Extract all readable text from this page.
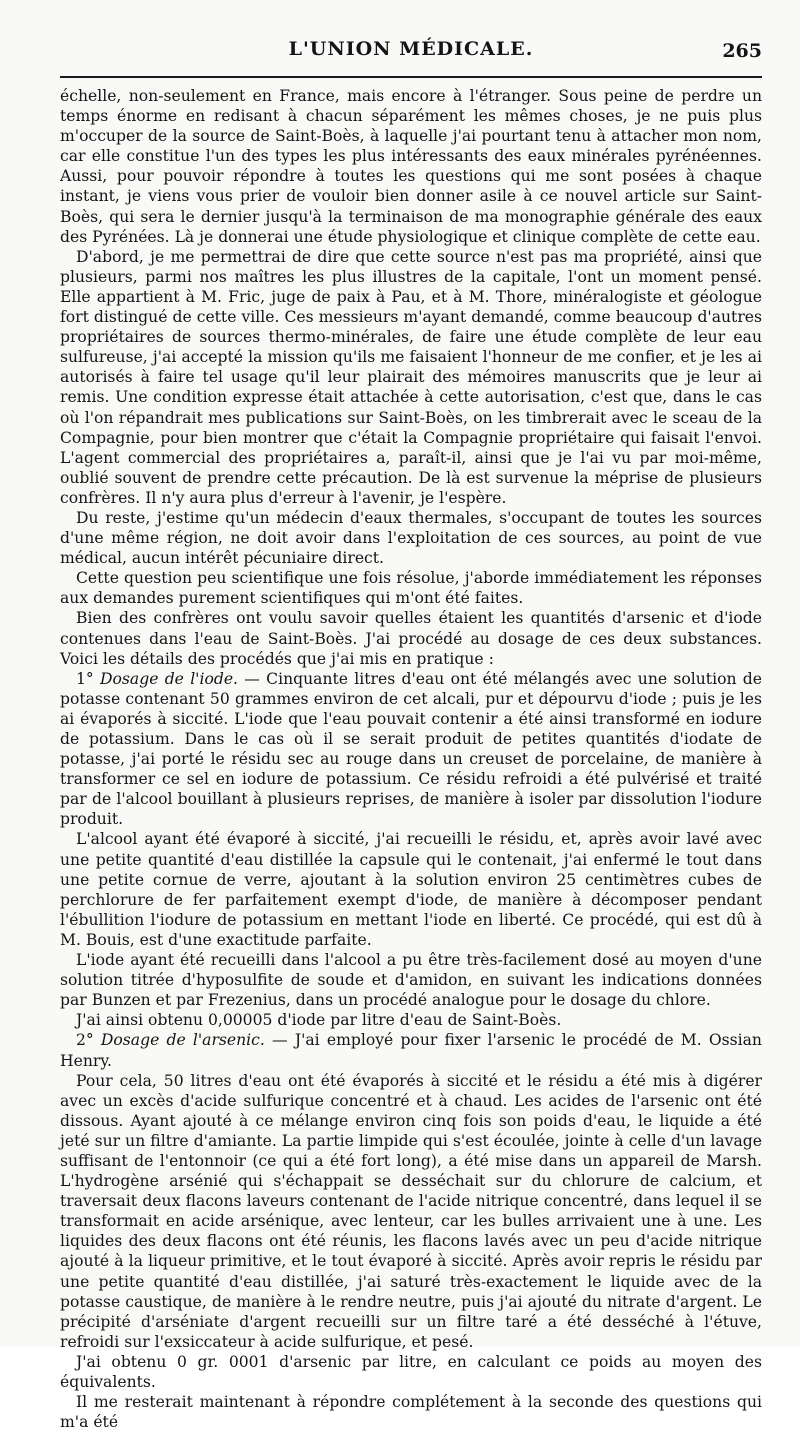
L'UNION MÉDICALE.	265

échelle, non-seulement en France, mais encore à l'étranger. Sous peine de perdre un temps énorme en redisant à chacun séparément les mêmes choses, je ne puis plus m'occuper de la source de Saint-Boès, à laquelle j'ai pourtant tenu à attacher mon nom, car elle constitue l'un des types les plus intéressants des eaux minérales pyrénéennes. Aussi, pour pouvoir répondre à toutes les questions qui me sont posées à chaque instant, je viens vous prier de vouloir bien donner asile à ce nouvel article sur Saint-Boès, qui sera le dernier jusqu'à la terminaison de ma monographie générale des eaux des Pyrénées. Là je donnerai une étude physiologique et clinique complète de cette eau.

D'abord, je me permettrai de dire que cette source n'est pas ma propriété, ainsi que plusieurs, parmi nos maîtres les plus illustres de la capitale, l'ont un moment pensé. Elle appartient à M. Fric, juge de paix à Pau, et à M. Thore, minéralogiste et géologue fort distingué de cette ville. Ces messieurs m'ayant demandé, comme beaucoup d'autres propriétaires de sources thermo-minérales, de faire une étude complète de leur eau sulfureuse, j'ai accepté la mission qu'ils me faisaient l'honneur de me confier, et je les ai autorisés à faire tel usage qu'il leur plairait des mémoires manuscrits que je leur ai remis. Une condition expresse était attachée à cette autorisation, c'est que, dans le cas où l'on répandrait mes publications sur Saint-Boès, on les timbrerait avec le sceau de la Compagnie, pour bien montrer que c'était la Compagnie propriétaire qui faisait l'envoi. L'agent commercial des propriétaires a, paraît-il, ainsi que je l'ai vu par moi-même, oublié souvent de prendre cette précaution. De là est survenue la méprise de plusieurs confrères. Il n'y aura plus d'erreur à l'avenir, je l'espère.

Du reste, j'estime qu'un médecin d'eaux thermales, s'occupant de toutes les sources d'une même région, ne doit avoir dans l'exploitation de ces sources, au point de vue médical, aucun intérêt pécuniaire direct.

Cette question peu scientifique une fois résolue, j'aborde immédiatement les réponses aux demandes purement scientifiques qui m'ont été faites.

Bien des confrères ont voulu savoir quelles étaient les quantités d'arsenic et d'iode contenues dans l'eau de Saint-Boès. J'ai procédé au dosage de ces deux substances. Voici les détails des procédés que j'ai mis en pratique :

1° Dosage de l'iode. — Cinquante litres d'eau ont été mélangés avec une solution de potasse contenant 50 grammes environ de cet alcali, pur et dépourvu d'iode ; puis je les ai évaporés à siccité. L'iode que l'eau pouvait contenir a été ainsi transformé en iodure de potassium. Dans le cas où il se serait produit de petites quantités d'iodate de potasse, j'ai porté le résidu sec au rouge dans un creuset de porcelaine, de manière à transformer ce sel en iodure de potassium. Ce résidu refroidi a été pulvérisé et traité par de l'alcool bouillant à plusieurs reprises, de manière à isoler par dissolution l'iodure produit.

L'alcool ayant été évaporé à siccité, j'ai recueilli le résidu, et, après avoir lavé avec une petite quantité d'eau distillée la capsule qui le contenait, j'ai enfermé le tout dans une petite cornue de verre, ajoutant à la solution environ 25 centimètres cubes de perchlorure de fer parfaitement exempt d'iode, de manière à décomposer pendant l'ébullition l'iodure de potassium en mettant l'iode en liberté. Ce procédé, qui est dû à M. Bouis, est d'une exactitude parfaite.

L'iode ayant été recueilli dans l'alcool a pu être très-facilement dosé au moyen d'une solution titrée d'hyposulfite de soude et d'amidon, en suivant les indications données par Bunzen et par Frezenius, dans un procédé analogue pour le dosage du chlore.

J'ai ainsi obtenu 0,00005 d'iode par litre d'eau de Saint-Boès.

2° Dosage de l'arsenic. — J'ai employé pour fixer l'arsenic le procédé de M. Ossian Henry.

Pour cela, 50 litres d'eau ont été évaporés à siccité et le résidu a été mis à digérer avec un excès d'acide sulfurique concentré et à chaud. Les acides de l'arsenic ont été dissous. Ayant ajouté à ce mélange environ cinq fois son poids d'eau, le liquide a été jeté sur un filtre d'amiante. La partie limpide qui s'est écoulée, jointe à celle d'un lavage suffisant de l'entonnoir (ce qui a été fort long), a été mise dans un appareil de Marsh. L'hydrogène arsénié qui s'échappait se desséchait sur du chlorure de calcium, et traversait deux flacons laveurs contenant de l'acide nitrique concentré, dans lequel il se transformait en acide arsénique, avec lenteur, car les bulles arrivaient une à une. Les liquides des deux flacons ont été réunis, les flacons lavés avec un peu d'acide nitrique ajouté à la liqueur primitive, et le tout évaporé à siccité. Après avoir repris le résidu par une petite quantité d'eau distillée, j'ai saturé très-exactement le liquide avec de la potasse caustique, de manière à le rendre neutre, puis j'ai ajouté du nitrate d'argent. Le précipité d'arséniate d'argent recueilli sur un filtre taré a été desséché à l'étuve, refroidi sur l'exsiccateur à acide sulfurique, et pesé.

J'ai obtenu 0 gr. 0001 d'arsenic par litre, en calculant ce poids au moyen des équivalents.

Il me resterait maintenant à répondre complétement à la seconde des questions qui m'a été
